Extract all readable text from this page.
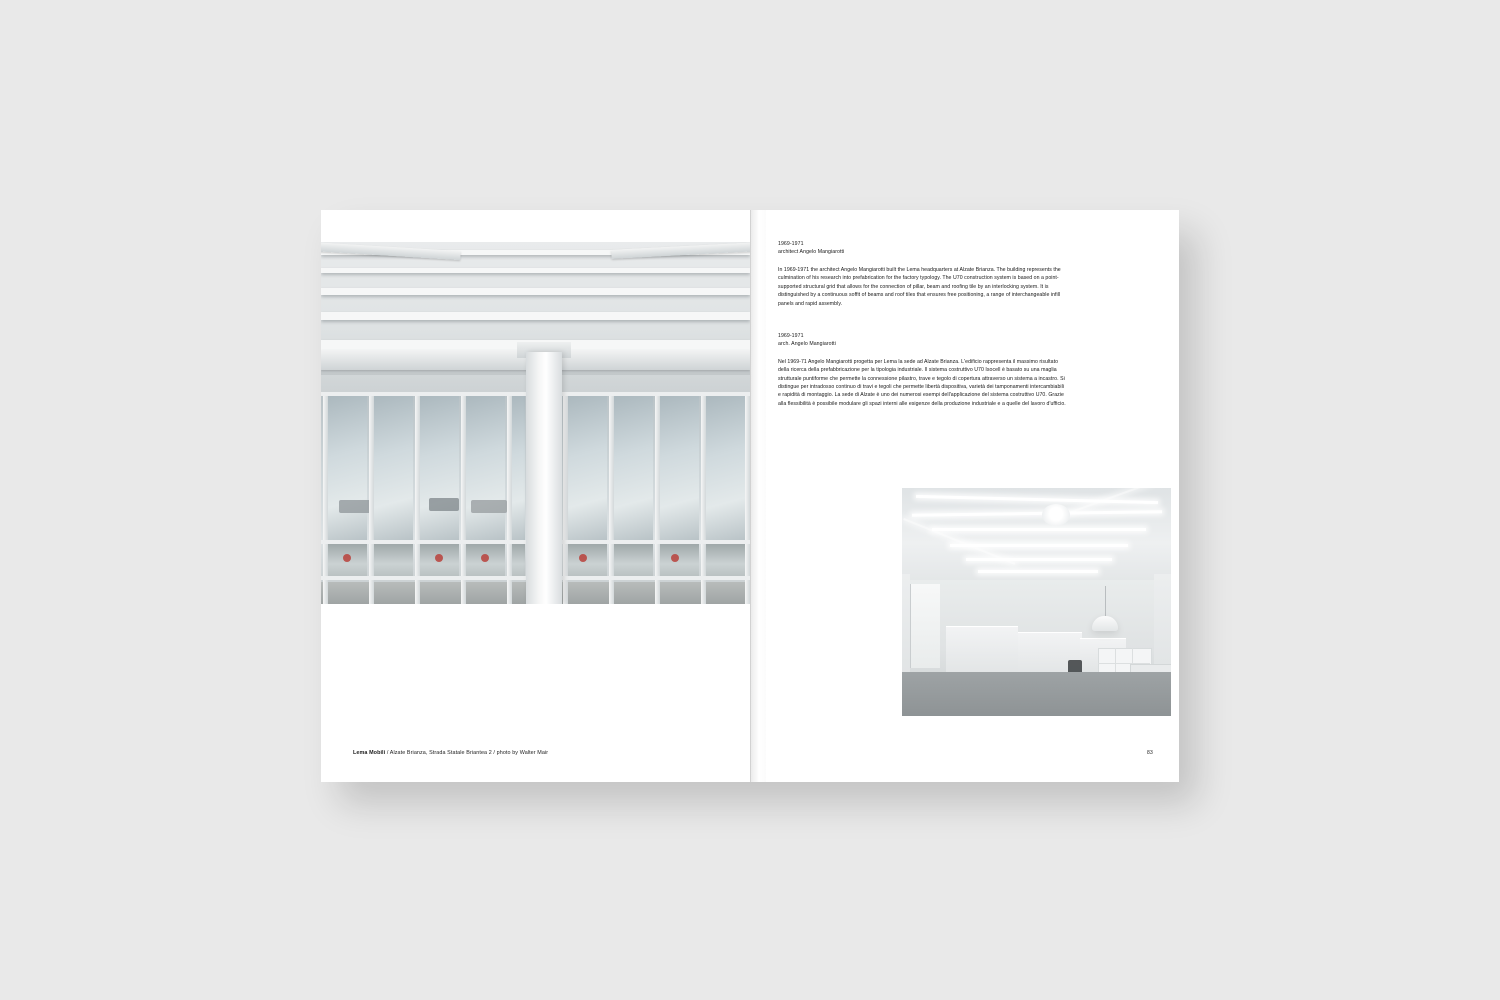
Lema Mobili / Alzate Brianza, Strada Statale Briantea 2 / photo by Walter Mair

1969-1971

architect Angelo Mangiarotti

In 1969-1971 the architect Angelo Mangiarotti built the Lema headquarters at Alzate Brianza. The building represents the culmination of his research into prefabrication for the factory typology. The U70 construction system is based on a point-supported structural grid that allows for the connection of pillar, beam and roofing tile by an interlocking system. It is distinguished by a continuous soffit of beams and roof tiles that ensures free positioning, a range of interchangeable infill panels and rapid assembly.

1969-1971

arch. Angelo Mangiarotti

Nel 1969-71 Angelo Mangiarotti progetta per Lema la sede ad Alzate Brianza. L'edificio rappresenta il massimo risultato della ricerca della prefabbricazione per la tipologia industriale. Il sistema costruttivo U70 Isocell è basato su una maglia strutturale puntiforme che permette la connessione pilastro, trave e tegolo di copertura attraverso un sistema a incastro. Si distingue per intradosso continuo di travi e tegoli che permette libertà dispositiva, varietà dei tamponamenti intercambiabili e rapidità di montaggio. La sede di Alzate è uno dei numerosi esempi dell'applicazione del sistema costruttivo U70. Grazie alla flessibilità è possibile modulare gli spazi interni alle esigenze della produzione industriale e a quelle del lavoro d'ufficio.

83
